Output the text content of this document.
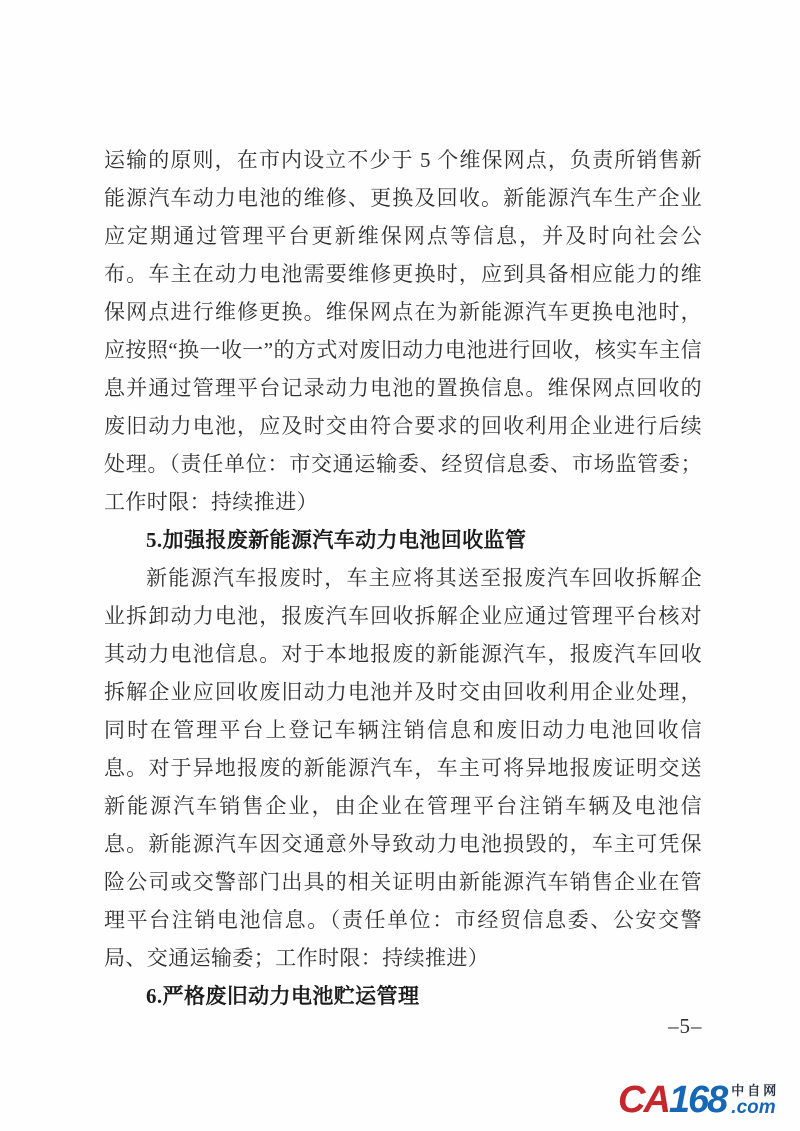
运输的原则，在市内设立不少于 5 个维保网点，负责所销售新能源汽车动力电池的维修、更换及回收。新能源汽车生产企业应定期通过管理平台更新维保网点等信息，并及时向社会公布。车主在动力电池需要维修更换时，应到具备相应能力的维保网点进行维修更换。维保网点在为新能源汽车更换电池时，应按照“换一收一”的方式对废旧动力电池进行回收，核实车主信息并通过管理平台记录动力电池的置换信息。维保网点回收的废旧动力电池，应及时交由符合要求的回收利用企业进行后续处理。（责任单位：市交通运输委、经贸信息委、市场监管委；工作时限：持续推进）

5.加强报废新能源汽车动力电池回收监管

新能源汽车报废时，车主应将其送至报废汽车回收拆解企业拆卸动力电池，报废汽车回收拆解企业应通过管理平台核对其动力电池信息。对于本地报废的新能源汽车，报废汽车回收拆解企业应回收废旧动力电池并及时交由回收利用企业处理，同时在管理平台上登记车辆注销信息和废旧动力电池回收信息。对于异地报废的新能源汽车，车主可将异地报废证明交送新能源汽车销售企业，由企业在管理平台注销车辆及电池信息。新能源汽车因交通意外导致动力电池损毁的，车主可凭保险公司或交警部门出具的相关证明由新能源汽车销售企业在管理平台注销电池信息。（责任单位：市经贸信息委、公安交警局、交通运输委；工作时限：持续推进）

6.严格废旧动力电池贮运管理

–5–
CA 168 中自网
.com
